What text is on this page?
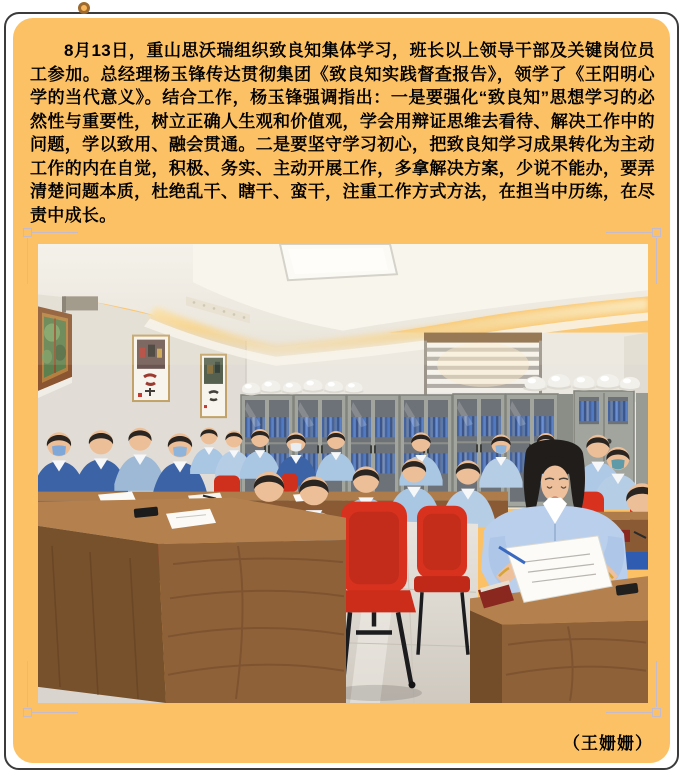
8月13日，重山思沃瑞组织致良知集体学习，班长以上领导干部及关键岗位员工参加。总经理杨玉锋传达贯彻集团《致良知实践督查报告》，领学了《王阳明心学的当代意义》。结合工作，杨玉锋强调指出：一是要强化“致良知”思想学习的必然性与重要性，树立正确人生观和价值观，学会用辩证思维去看待、解决工作中的问题，学以致用、融会贯通。二是要坚守学习初心，把致良知学习成果转化为主动工作的内在自觉，积极、务实、主动开展工作，多拿解决方案，少说不能办，要弄清楚问题本质，杜绝乱干、瞎干、蛮干，注重工作方式方法，在担当中历练，在尽责中成长。
（王姗姗）
